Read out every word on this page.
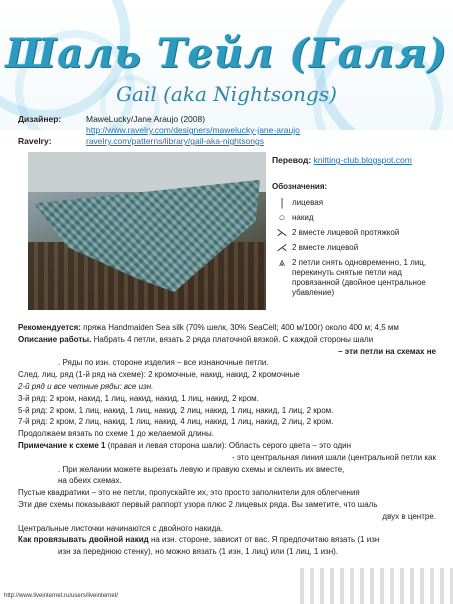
Шаль Тейл (Галя)
Gail (aka Nightsongs)
Дизайнер:	MaweLucky/Jane Araujo (2008)
http://www.ravelry.com/designers/mawelucky-jane-araujo
Ravelry:	ravelry.com/patterns/library/gail-aka-nightsongs
Перевод: knitting-club.blogspot.com
Обозначения:
|	лицевая
○ накид
⋋ 2 вместе лицевой протяжкой
⋌ 2 вместе лицевой
⩓ 2 петли снять одновременно, 1 лиц, перекинуть снятые петли над провязанной (двойное центральное убавление)

Рекомендуется: пряжа Handmaiden Sea silk (70% шелк, 30% SeaCell; 400 м/100г) около 400 м; 4,5 мм

Описание работы. Набрать 4 петли, вязать 2 ряда платочной вязкой. С каждой стороны шали

– эти петли на схемах не

. Ряды по изн. стороне изделия – все изнаночные петли.

След. лиц. ряд (1-й ряд на схеме): 2 кромочные, накид, накид, 2 кромочные

2-й ряд и все четные ряды: все изн.

3-й ряд: 2 кром, накид, 1 лиц, накид, накид, 1 лиц, накид, 2 кром.

5-й ряд: 2 кром, 1 лиц, накид, 1 лиц, накид, 2 лиц, накид, 1 лиц, накид, 1 лиц, 2 кром.

7-й ряд: 2 кром, 2 лиц, накид, 1 лиц, накид, 4 лиц, накид, 1 лиц, накид, 2 лиц, 2 кром.

Продолжаем вязать по схеме 1 до желаемой длины.

Примечание к схеме 1 (правая и левая сторона шали): Область серого цвета – это один

- это центральная линия шали (центральной петли как

. При желании можете вырезать левую и правую схемы и склеить их вместе,

на обеих схемах.

Пустые квадратики – это не петли, пропускайте их, это просто заполнители для облегчения

Эти две схемы показывают первый раппорт узора плюс 2 лицевых ряда. Вы заметите, что шаль

двух в центре.

Центральные листочки начинаются с двойного накида.

Как провязывать двойной накид на изн. стороне, зависит от вас. Я предпочитаю вязать (1 изн

изн за переднюю стенку), но можно вязать (1 изн, 1 лиц) или (1 лиц, 1 изн).

http://www.liveinternet.ru/users/liveinternet/
